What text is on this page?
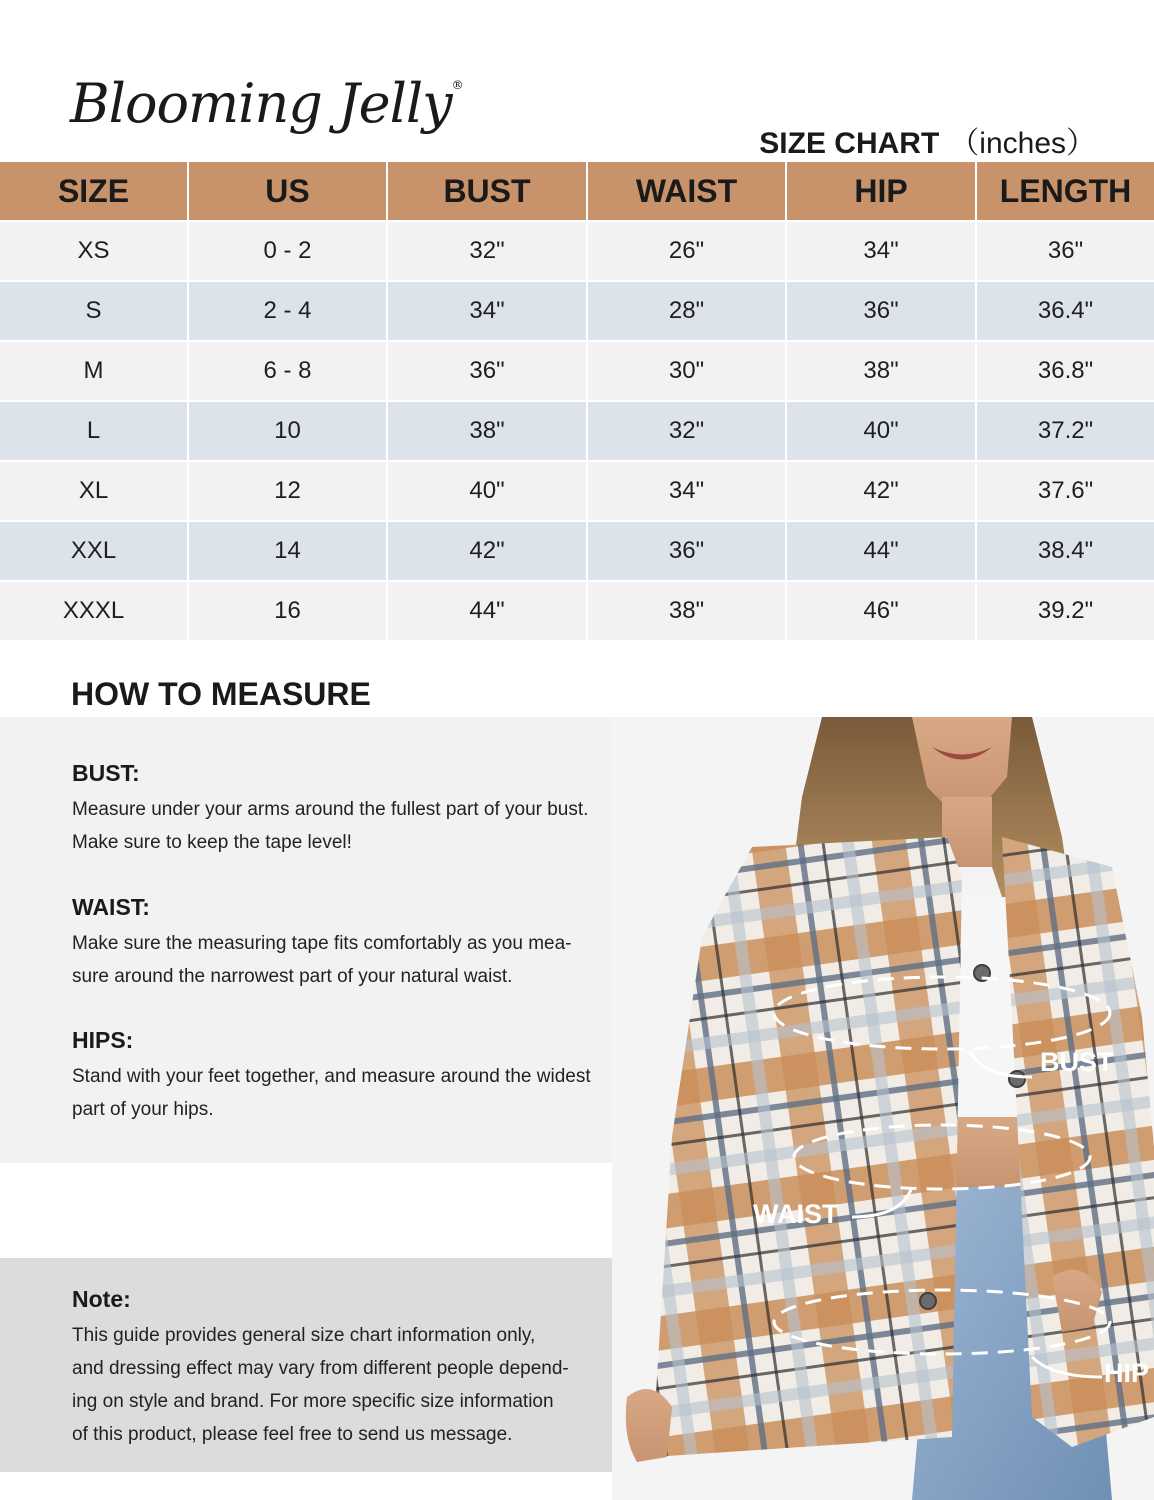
Blooming Jelly®
SIZE CHART （inches）
SIZE	US	BUST	WAIST	HIP	LENGTH
XS	0 - 2	32"	26"	34"	36"
S	2 - 4	34"	28"	36"	36.4"
M	6 - 8	36"	30"	38"	36.8"
L	10	38"	32"	40"	37.2"
XL	12	40"	34"	42"	37.6"
XXL	14	42"	36"	44"	38.4"
XXXL	16	44"	38"	46"	39.2"
HOW TO MEASURE
BUST:

Measure under your arms around the fullest part of your bust.

Make sure to keep the tape level!

WAIST:

Make sure the measuring tape fits comfortably as you mea-

sure around the narrowest part of your natural waist.

HIPS:

Stand with your feet together, and measure around the widest

part of your hips.

Note:

This guide provides general size chart information only,

and dressing effect may vary from different people depend-

ing on style and brand. For more specific size information

of this product, please feel free to send us message.

BUST
WAIST
HIP
